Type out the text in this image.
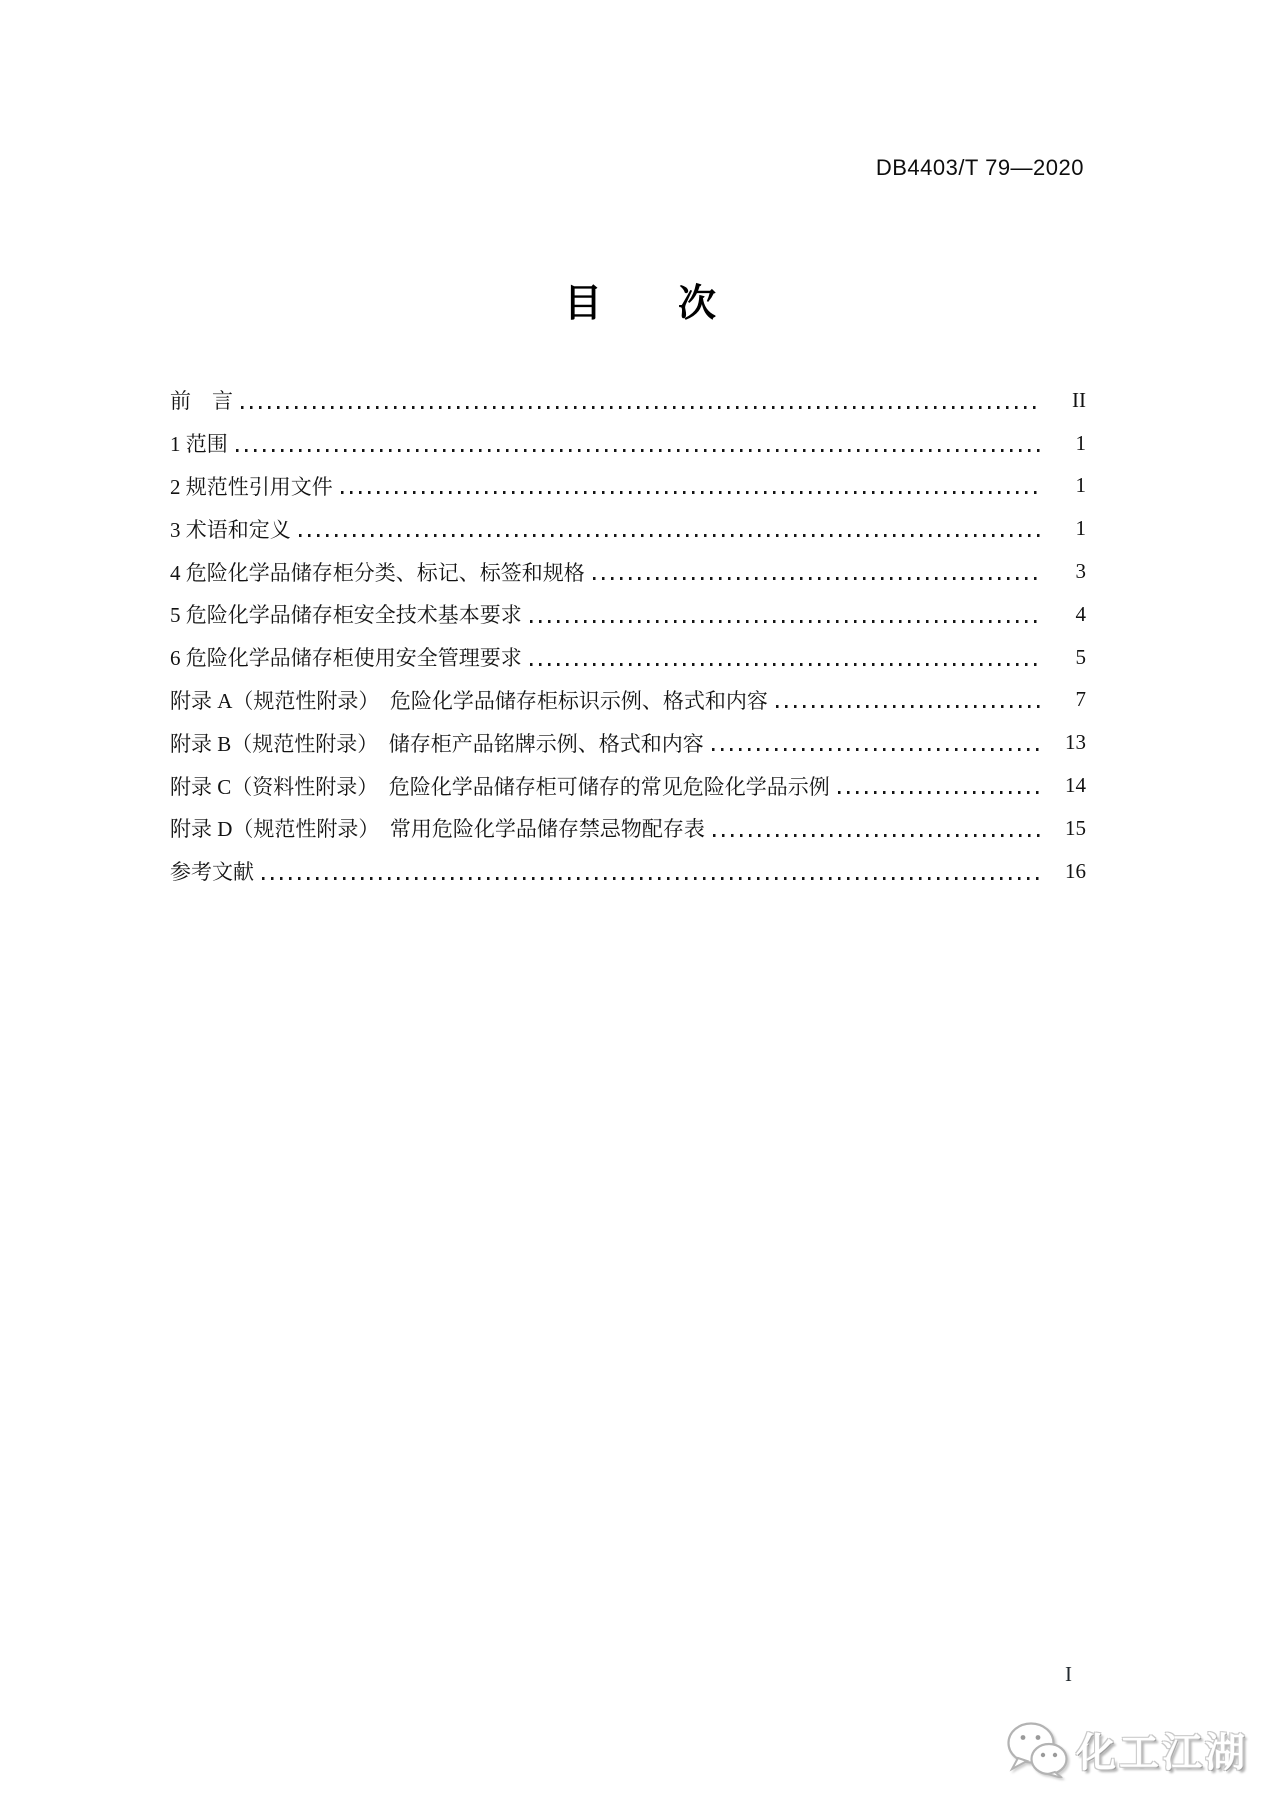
DB4403/T 79—2020
目　　次
前　言	II
1 范围	1
2 规范性引用文件	1
3 术语和定义	1
4 危险化学品储存柜分类、标记、标签和规格	3
5 危险化学品储存柜安全技术基本要求	4
6 危险化学品储存柜使用安全管理要求	5
附录 A（规范性附录）　危险化学品储存柜标识示例、格式和内容	7
附录 B（规范性附录）　储存柜产品铭牌示例、格式和内容	13
附录 C（资料性附录）　危险化学品储存柜可储存的常见危险化学品示例	14
附录 D（规范性附录）　常用危险化学品储存禁忌物配存表	15
参考文献	16
I
化工江湖
